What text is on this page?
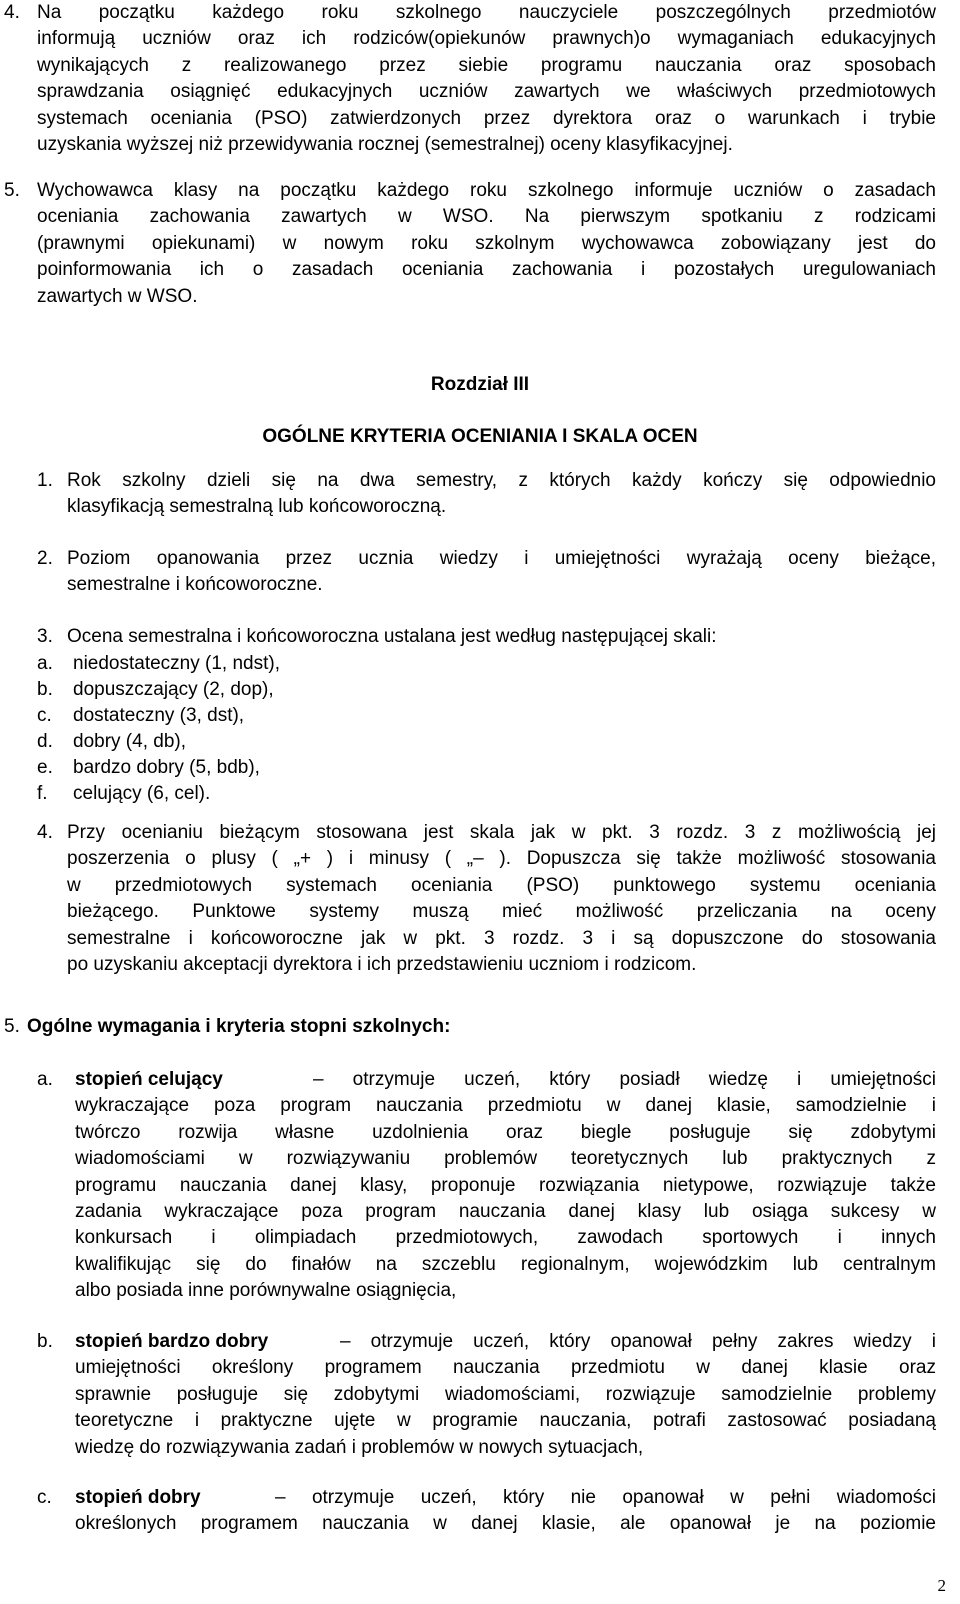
4. Na początku każdego roku szkolnego nauczyciele poszczególnych przedmiotów
informują uczniów oraz ich rodziców(opiekunów prawnych)o wymaganiach edukacyjnych
wynikających z realizowanego przez siebie programu nauczania oraz sposobach
sprawdzania osiągnięć edukacyjnych uczniów zawartych we właściwych przedmiotowych
systemach oceniania (PSO) zatwierdzonych przez dyrektora oraz o warunkach i trybie
uzyskania wyższej niż przewidywania rocznej (semestralnej) oceny klasyfikacyjnej.
5. Wychowawca klasy na początku każdego roku szkolnego informuje uczniów o zasadach
oceniania zachowania zawartych w WSO. Na pierwszym spotkaniu z rodzicami
(prawnymi opiekunami) w nowym roku szkolnym wychowawca zobowiązany jest do
poinformowania ich o zasadach oceniania zachowania i pozostałych uregulowaniach
zawartych w WSO.
Rozdział III
OGÓLNE KRYTERIA OCENIANIA I SKALA OCEN
1. Rok szkolny dzieli się na dwa semestry, z których każdy kończy się odpowiednio
klasyfikacją semestralną lub końcoworoczną.
2. Poziom opanowania przez ucznia wiedzy i umiejętności wyrażają oceny bieżące,
semestralne i końcoworoczne.
3. Ocena semestralna i końcoworoczna ustalana jest według następującej skali:
a. niedostateczny (1, ndst),
b. dopuszczający (2, dop),
c. dostateczny (3, dst),
d. dobry (4, db),
e. bardzo dobry (5, bdb),
f. celujący (6, cel).
4. Przy ocenianiu bieżącym stosowana jest skala jak w pkt. 3 rozdz. 3 z możliwością jej
poszerzenia o plusy ( „+ ) i minusy ( „– ). Dopuszcza się także możliwość stosowania
w przedmiotowych systemach oceniania (PSO) punktowego systemu oceniania
bieżącego. Punktowe systemy muszą mieć możliwość przeliczania na oceny
semestralne i końcoworoczne jak w pkt. 3 rozdz. 3 i są dopuszczone do stosowania
po uzyskaniu akceptacji dyrektora i ich przedstawieniu uczniom i rodzicom.
5. Ogólne wymagania i kryteria stopni szkolnych:
a. stopień celujący	– otrzymuje uczeń, który posiadł wiedzę i umiejętności
wykraczające poza program nauczania przedmiotu w danej klasie, samodzielnie i
twórczo rozwija własne uzdolnienia oraz biegle posługuje się zdobytymi
wiadomościami w rozwiązywaniu problemów teoretycznych lub praktycznych z
programu nauczania danej klasy, proponuje rozwiązania nietypowe, rozwiązuje także
zadania wykraczające poza program nauczania danej klasy lub osiąga sukcesy w
konkursach i olimpiadach przedmiotowych, zawodach sportowych i innych
kwalifikując się do finałów na szczeblu regionalnym, wojewódzkim lub centralnym
albo posiada inne porównywalne osiągnięcia,
b. stopień bardzo dobry	– otrzymuje uczeń, który opanował pełny zakres wiedzy i
umiejętności określony programem nauczania przedmiotu w danej klasie oraz
sprawnie posługuje się zdobytymi wiadomościami, rozwiązuje samodzielnie problemy
teoretyczne i praktyczne ujęte w programie nauczania, potrafi zastosować posiadaną
wiedzę do rozwiązywania zadań i problemów w nowych sytuacjach,
c. stopień dobry	– otrzymuje uczeń, który nie opanował w pełni wiadomości
określonych programem nauczania w danej klasie, ale opanował je na poziomie
2
